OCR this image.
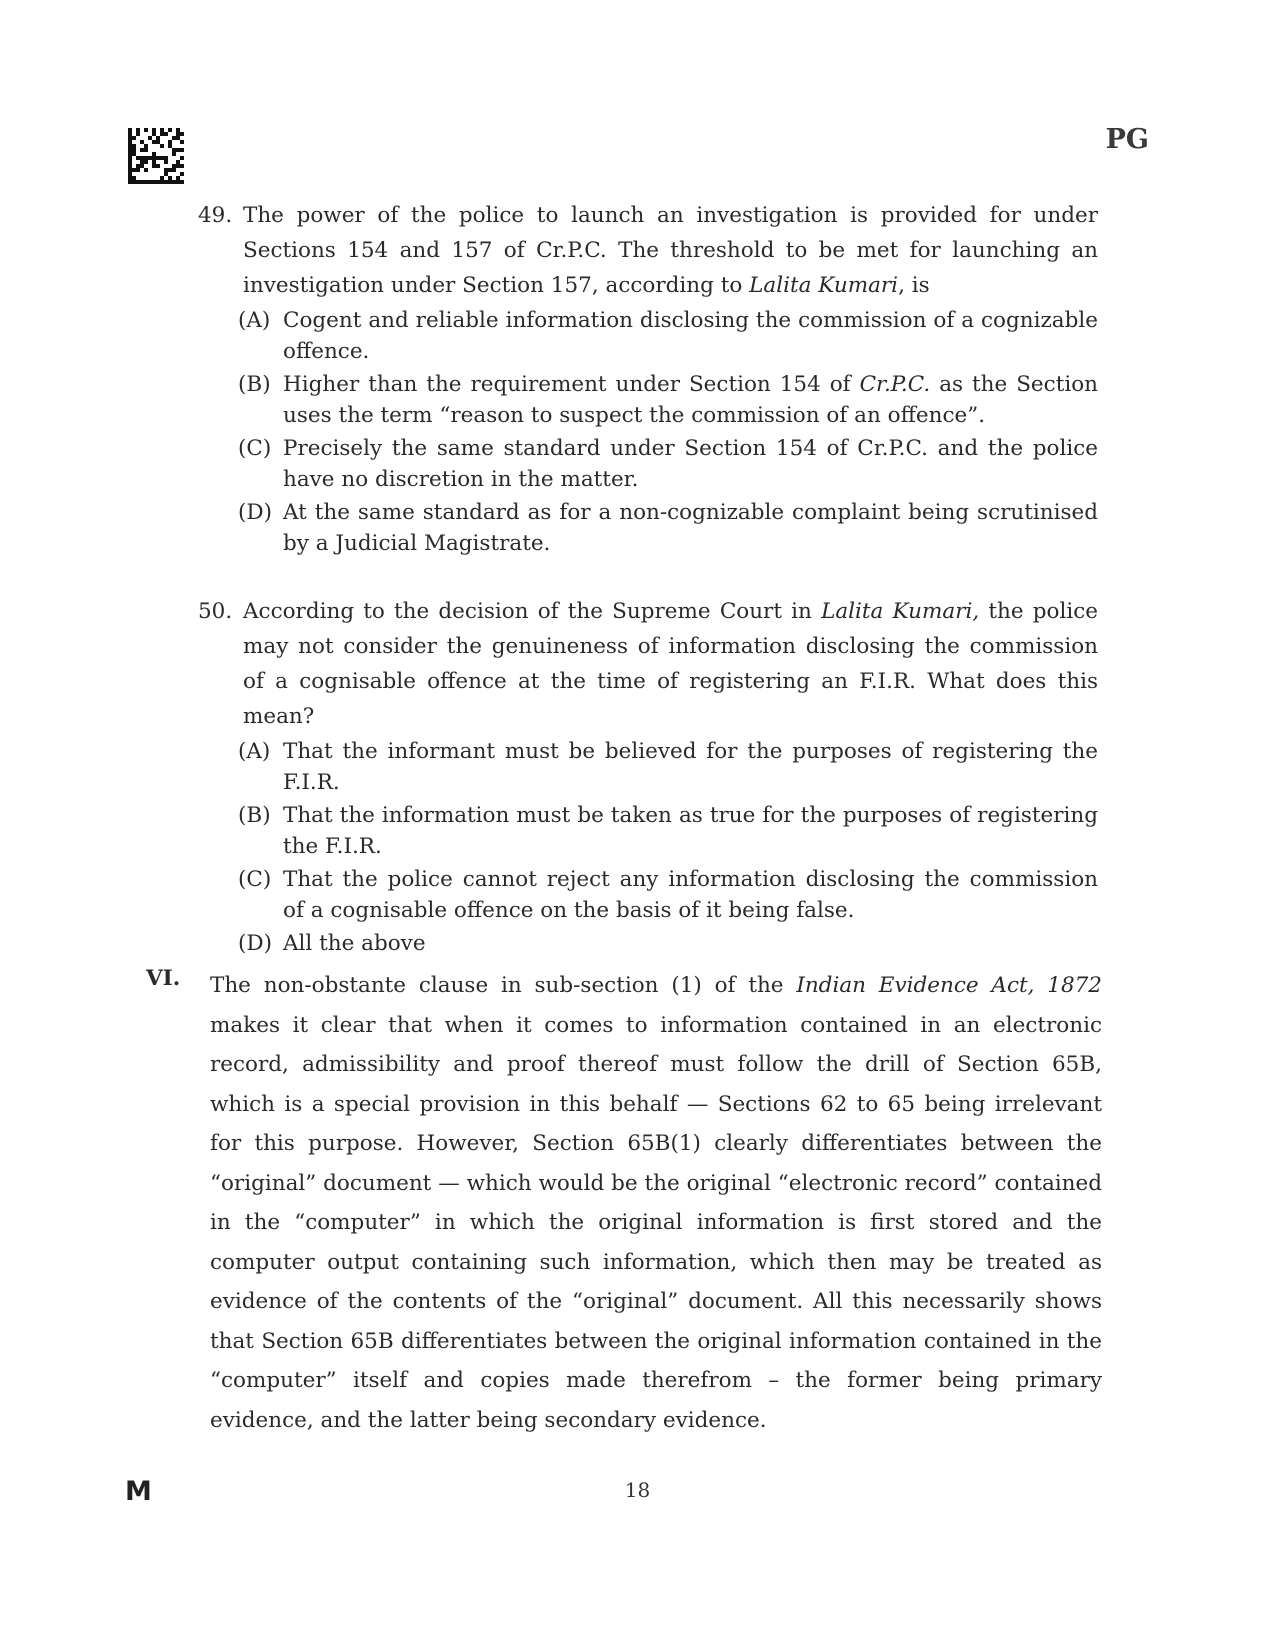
PG
49. The power of the police to launch an investigation is provided for under Sections 154 and 157 of Cr.P.C. The threshold to be met for launching an investigation under Section 157, according to Lalita Kumari, is
(A) Cogent and reliable information disclosing the commission of a cognizable offence.
(B) Higher than the requirement under Section 154 of Cr.P.C. as the Section uses the term “reason to suspect the commission of an offence”.
(C) Precisely the same standard under Section 154 of Cr.P.C. and the police have no discretion in the matter.
(D) At the same standard as for a non-cognizable complaint being scrutinised by a Judicial Magistrate.
50. According to the decision of the Supreme Court in Lalita Kumari, the police may not consider the genuineness of information disclosing the commission of a cognisable offence at the time of registering an F.I.R. What does this mean?
(A) That the informant must be believed for the purposes of registering the F.I.R.
(B) That the information must be taken as true for the purposes of registering the F.I.R.
(C) That the police cannot reject any information disclosing the commission of a cognisable offence on the basis of it being false.
(D) All the above
VI. The non-obstante clause in sub-section (1) of the Indian Evidence Act, 1872 makes it clear that when it comes to information contained in an electronic record, admissibility and proof thereof must follow the drill of Section 65B, which is a special provision in this behalf — Sections 62 to 65 being irrelevant for this purpose. However, Section 65B(1) clearly differentiates between the “original” document — which would be the original “electronic record” contained in the “computer” in which the original information is first stored and the computer output containing such information, which then may be treated as evidence of the contents of the “original” document. All this necessarily shows that Section 65B differentiates between the original information contained in the “computer” itself and copies made therefrom – the former being primary evidence, and the latter being secondary evidence.
M	18
